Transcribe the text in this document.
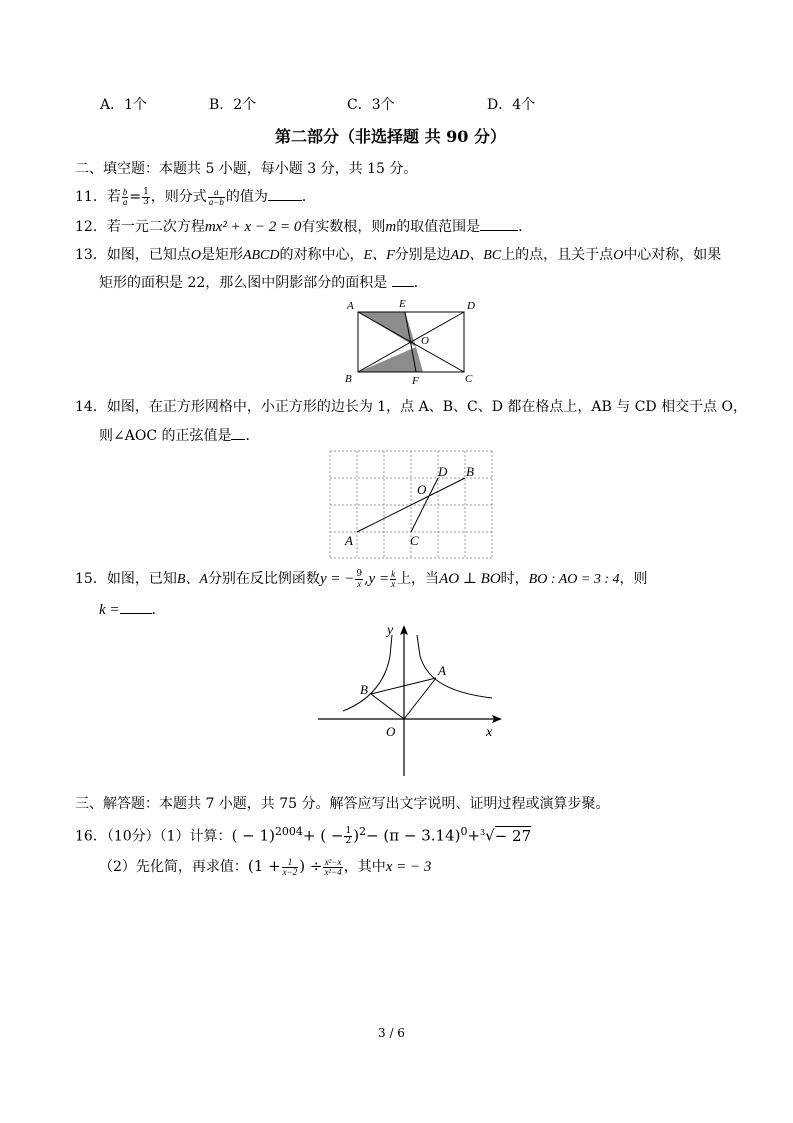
A．1个	B．2个	C．3个	D．4个
第二部分（非选择题 共 90 分）
二、填空题：本题共 5 小题，每小题 3 分，共 15 分。
11．若 $\frac{b}{a} = \frac{1}{3}$ ，则分式 $\frac{a}{a-b}$ 的值为 ．
12．若一元二次方程mx² + x − 2 = 0有实数根，则m的取值范围是	．
13．如图，已知点O是矩形ABCD的对称中心，E、F分别是边AD、BC上的点，且关于点O中心对称，如果
矩形的面积是 22，那么图中阴影部分的面积是 ．
A	E	D
O
B	F	C
14．如图，在正方形网格中，小正方形的边长为 1，点 A、B、C、D 都在格点上，AB 与 CD 相交于点 O，
则∠AOC 的正弦值是 ．
D B
O
A	C
15．如图，已知B、A分别在反比例函数y = − $\frac{9}{x} ,y = \frac{k}{x}$ 上，当AO ⊥ BO时，BO : AO = 3 : 4，则
k = ．
y
A
B
O	x
三、解答题：本题共 7 小题，共 75 分。解答应写出文字说明、证明过程或演算步聚。
16．（10分）（1）计算：( − 1)$^{2004}$+ ( − $\frac{1}{2} )^2- (\pi - 3.14)^0+^3√- 27$
（2）先化简，再求值：($1 + \frac{1}{x-2}$ ) ÷ $\frac{\text{x²−x}}{\text{x²−4}}$ ，其中x = − 3
3 / 6
